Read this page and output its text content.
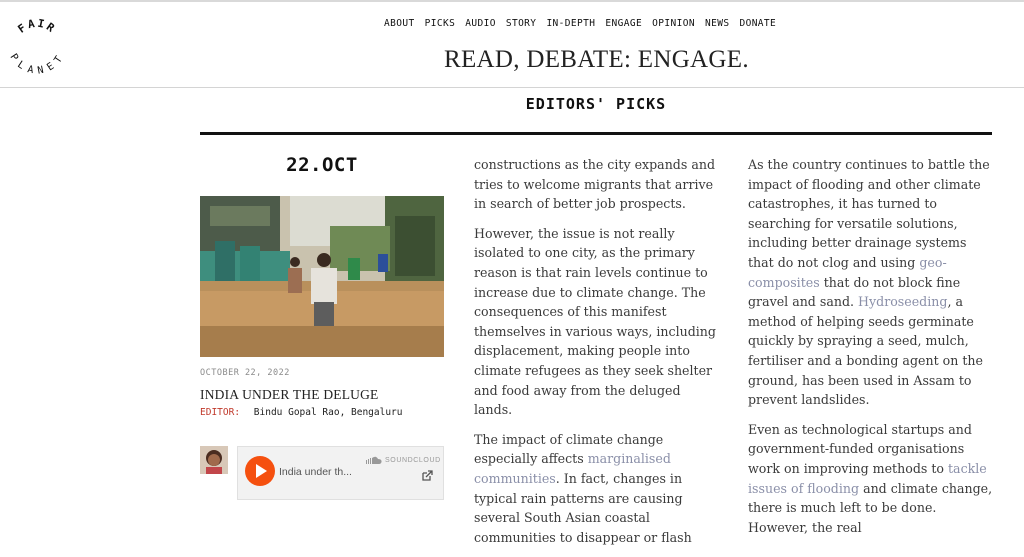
FAIR
PLANET
ABOUT PICKS AUDIO STORY IN-DEPTH ENGAGE OPINION NEWS DONATE
READ, DEBATE: ENGAGE.
EDITORS' PICKS
22.OCT
OCTOBER 22, 2022
INDIA UNDER THE DELUGE
EDITOR: Bindu Gopal Rao, Bengaluru
India under th...
SOUNDCLOUD

constructions as the city expands and tries to welcome migrants that arrive in search of better job prospects.

However, the issue is not really isolated to one city, as the primary reason is that rain levels continue to increase due to climate change. The consequences of this manifest themselves in various ways, including displacement, making people into climate refugees as they seek shelter and food away from the deluged lands.

The impact of climate change especially affects marginalised communities. In fact, changes in typical rain patterns are causing several South Asian coastal communities to disappear or flash

As the country continues to battle the impact of flooding and other climate catastrophes, it has turned to searching for versatile solutions, including better drainage systems that do not clog and using geo-composites that do not block fine gravel and sand. Hydroseeding, a method of helping seeds germinate quickly by spraying a seed, mulch, fertiliser and a bonding agent on the ground, has been used in Assam to prevent landslides.

Even as technological startups and government-funded organisations work on improving methods to tackle issues of flooding and climate change, there is much left to be done. However, the real
